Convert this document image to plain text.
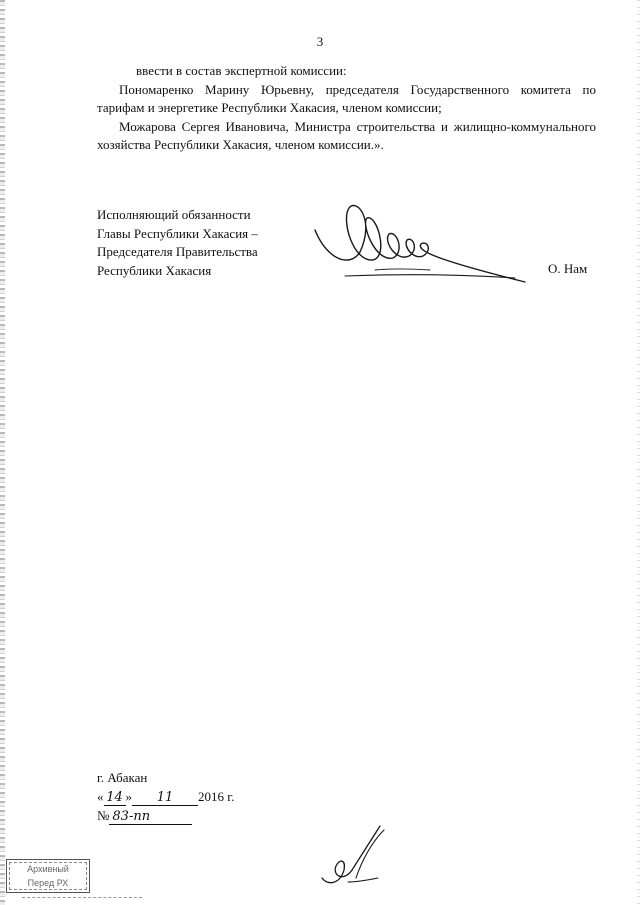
3

ввести в состав экспертной комиссии:

Пономаренко Марину Юрьевну, председателя Государственного комитета по тарифам и энергетике Республики Хакасия, членом комиссии;

Можарова Сергея Ивановича, Министра строительства и жилищно-коммунального хозяйства Республики Хакасия, членом комиссии.».

Исполняющий обязанности
Главы Республики Хакасия –
Председателя Правительства
Республики Хакасия	О. Нам
г. Абакан
« 14 » 11 2016 г.
№ 83-пп
Архивный
Перед РХ
